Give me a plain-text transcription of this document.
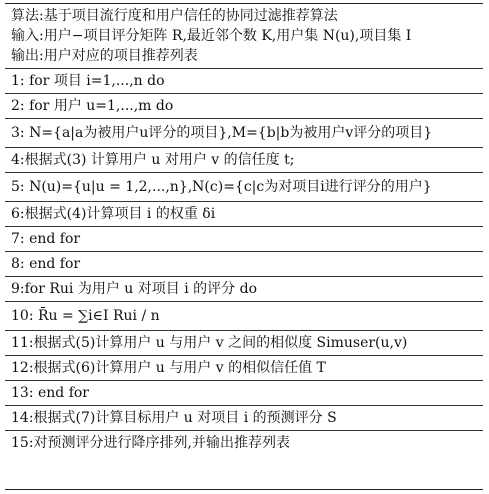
算法:基于项目流行度和用户信任的协同过滤推荐算法
输入:用户−项目评分矩阵 R,最近邻个数 K,用户集 N(u),项目集 I
输出:用户对应的项目推荐列表
1: for 项目 i=1,...,n do
2: for 用户 u=1,...,m do
3: N={a|a为被用户u评分的项目},M={b|b为被用户v评分的项目}
4:根据式(3) 计算用户 u 对用户 v 的信任度 t;
5: N(u)={u|u = 1,2,...,n},N(c)={c|c为对项目i进行评分的用户}
6:根据式(4)计算项目 i 的权重 δi
7: end for
8: end for
9:for Rui 为用户 u 对项目 i 的评分 do
10: R̄u = ∑i∈I Rui / n
11:根据式(5)计算用户 u 与用户 v 之间的相似度 Simuser(u,v)
12:根据式(6)计算用户 u 与用户 v 的相似信任值 T
13: end for
14:根据式(7)计算目标用户 u 对项目 i 的预测评分 S
15:对预测评分进行降序排列,并输出推荐列表
